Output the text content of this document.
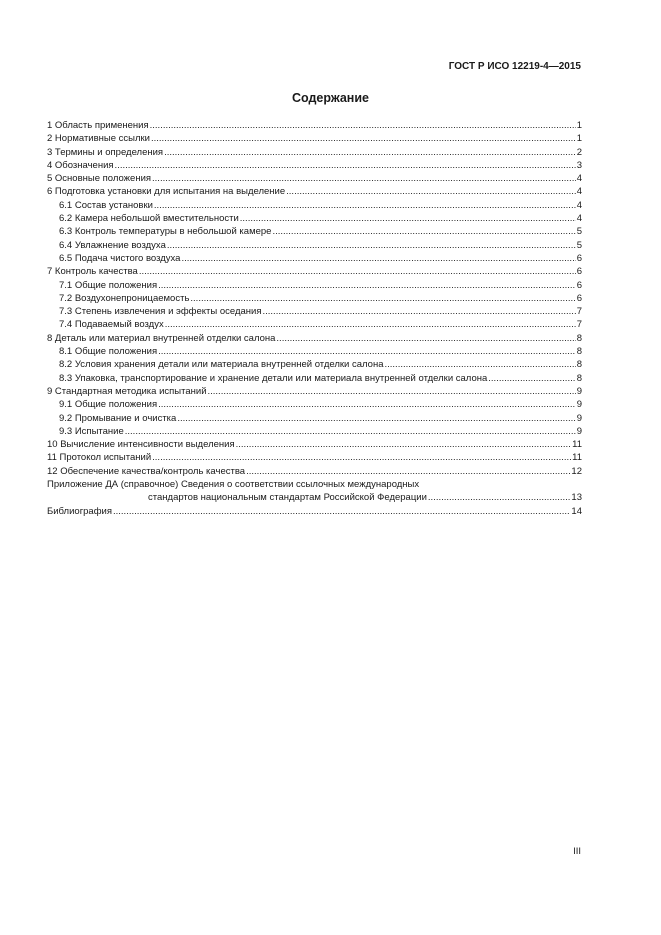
ГОСТ Р ИСО 12219-4—2015
Содержание
1 Область применения .....	1
2 Нормативные ссылки .....	1
3 Термины и определения .....	2
4 Обозначения .....	3
5 Основные положения .....	4
6 Подготовка установки для испытания на выделение .....	4
6.1 Состав установки .....	4
6.2 Камера небольшой вместительности .....	4
6.3 Контроль температуры в небольшой камере .....	5
6.4 Увлажнение воздуха .....	5
6.5 Подача чистого воздуха .....	6
7 Контроль качества .....	6
7.1 Общие положения .....	6
7.2 Воздухонепроницаемость .....	6
7.3 Степень извлечения и эффекты оседания .....	7
7.4 Подаваемый воздух .....	7
8 Деталь или материал внутренней отделки салона .....	8
8.1 Общие положения .....	8
8.2 Условия хранения детали или материала внутренней отделки салона .....	8
8.3 Упаковка, транспортирование и хранение детали или материала внутренней отделки салона .....	8
9 Стандартная методика испытаний .....	9
9.1 Общие положения .....	9
9.2 Промывание и очистка .....	9
9.3 Испытание .....	9
10 Вычисление интенсивности выделения .....	11
11 Протокол испытаний .....	11
12 Обеспечение качества/контроль качества .....	12
Приложение ДА (справочное) Сведения о соответствии ссылочных международных
стандартов национальным стандартам Российской Федерации .....	13
Библиография .....	14
III
